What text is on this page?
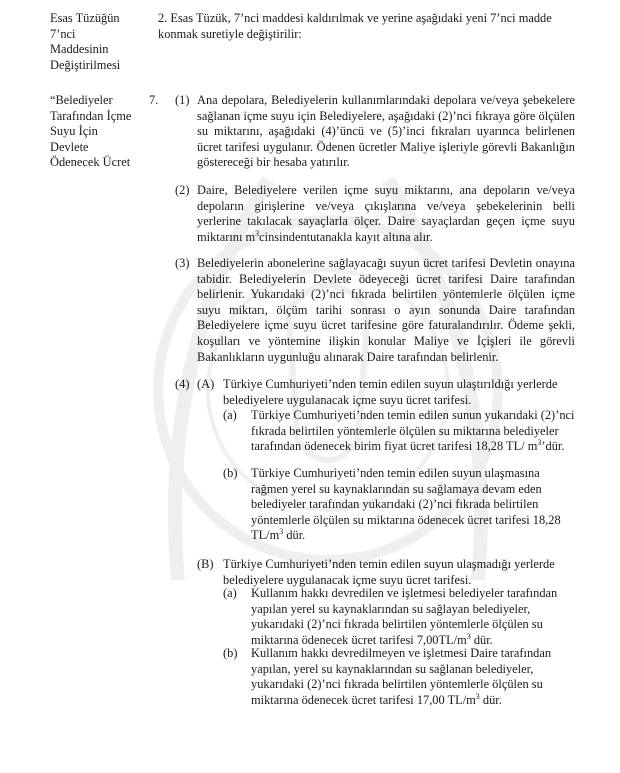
Esas Tüzüğün
7’nci
Maddesinin
Değiştirilmesi
“Belediyeler
Tarafından İçme
Suyu İçin
Devlete
Ödenecek Ücret
2. Esas Tüzük, 7’nci maddesi kaldırılmak ve yerine aşağıdaki yeni 7’nci madde konmak suretiyle değiştirilir:
7. (1) Ana depolara, Belediyelerin kullanımlarındaki depolara ve/veya şebekelere sağlanan içme suyu için Belediyelere, aşağıdaki (2)’nci fıkraya göre ölçülen su miktarını, aşağıdaki (4)’üncü ve (5)’inci fıkraları uyarınca belirlenen ücret tarifesi uygulanır. Ödenen ücretler Maliye işleriyle görevli Bakanlığın göstereceği bir hesaba yatırılır.
(2) Daire, Belediyelere verilen içme suyu miktarını, ana depoların ve/veya depoların girişlerine ve/veya çıkışlarına ve/veya şebekelerinin belli yerlerine takılacak sayaçlarla ölçer. Daire sayaçlardan geçen içme suyu miktarını $m^3cinsindentutanakla$ kayıt altına alır.
(3) Belediyelerin abonelerine sağlayacağı suyun ücret tarifesi Devletin onayına tabidir. Belediyelerin Devlete ödeyeceği ücret tarifesi Daire tarafından belirlenir. Yukarıdaki (2)’nci fıkrada belirtilen yöntemlerle ölçülen içme suyu miktarı, ölçüm tarihi sonrası o ayın sonunda Daire tarafından Belediyelere içme suyu ücret tarifesine göre faturalandırılır. Ödeme şekli, koşulları ve yöntemine ilişkin konular Maliye ve İçişleri ile görevli Bakanlıkların uygunluğu alınarak Daire tarafından belirlenir.
(4) (A) Türkiye Cumhuriyeti’nden temin edilen suyun ulaştırıldığı yerlerde belediyelere uygulanacak içme suyu ücret tarifesi.
(a) Türkiye Cumhuriyeti’nden temin edilen sunun yukarıdaki (2)’nci fıkrada belirtilen yöntemlerle ölçülen su miktarına belediyeler tarafından ödenecek birim fiyat ücret tarifesi 18,28 TL/ $m^3’dür$.
(b) Türkiye Cumhuriyeti’nden temin edilen suyun ulaşmasına rağmen yerel su kaynaklarından su sağlamaya devam eden belediyeler tarafından yukarıdaki (2)’nci fıkrada belirtilen yöntemlerle ölçülen su miktarına ödenecek ücret tarifesi 18,28 $TL/m^3$ dür.
(B) Türkiye Cumhuriyeti’nden temin edilen suyun ulaşmadığı yerlerde belediyelere uygulanacak içme suyu ücret tarifesi.
(a) Kullanım hakkı devredilen ve işletmesi belediyeler tarafından yapılan yerel su kaynaklarından su sağlayan belediyeler, yukarıdaki (2)’nci fıkrada belirtilen yöntemlerle ölçülen su miktarına ödenecek ücret tarifesi $7,00TL/m^3$ dür.
(b) Kullanım hakkı devredilmeyen ve işletmesi Daire tarafından yapılan, yerel su kaynaklarından su sağlanan belediyeler, yukarıdaki (2)’nci fıkrada belirtilen yöntemlerle ölçülen su miktarına ödenecek ücret tarifesi 17,00 $TL/m^3$ dür.
